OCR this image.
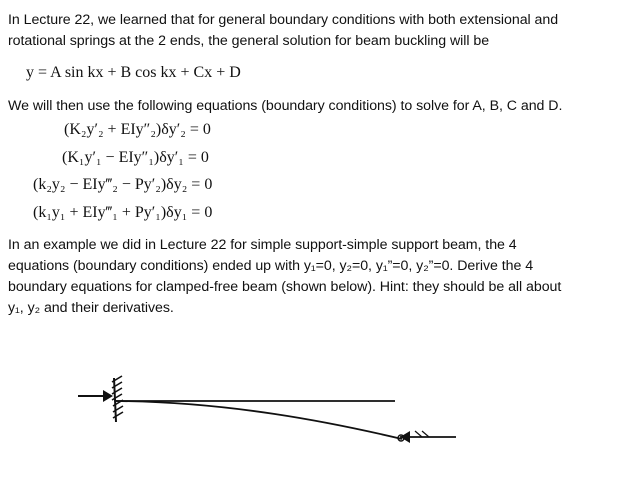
In Lecture 22, we learned that for general boundary conditions with both extensional and
rotational springs at the 2 ends, the general solution for beam buckling will be
y = A sin kx + B cos kx + Cx + D
We will then use the following equations (boundary conditions) to solve for A, B, C and D.
(K₂y′₂ + EIy″₂)δy′₂ = 0
(K₁y′₁ − EIy″₁)δy′₁ = 0
(k₂y₂ − EIy‴₂ − Py′₂)δy₂ = 0
(k₁y₁ + EIy‴₁ + Py′₁)δy₁ = 0
In an example we did in Lecture 22 for simple support-simple support beam, the 4
equations (boundary conditions) ended up with y₁=0, y₂=0, y₁”=0, y₂”=0. Derive the 4
boundary equations for clamped-free beam (shown below). Hint: they should be all about
y₁, y₂ and their derivatives.
